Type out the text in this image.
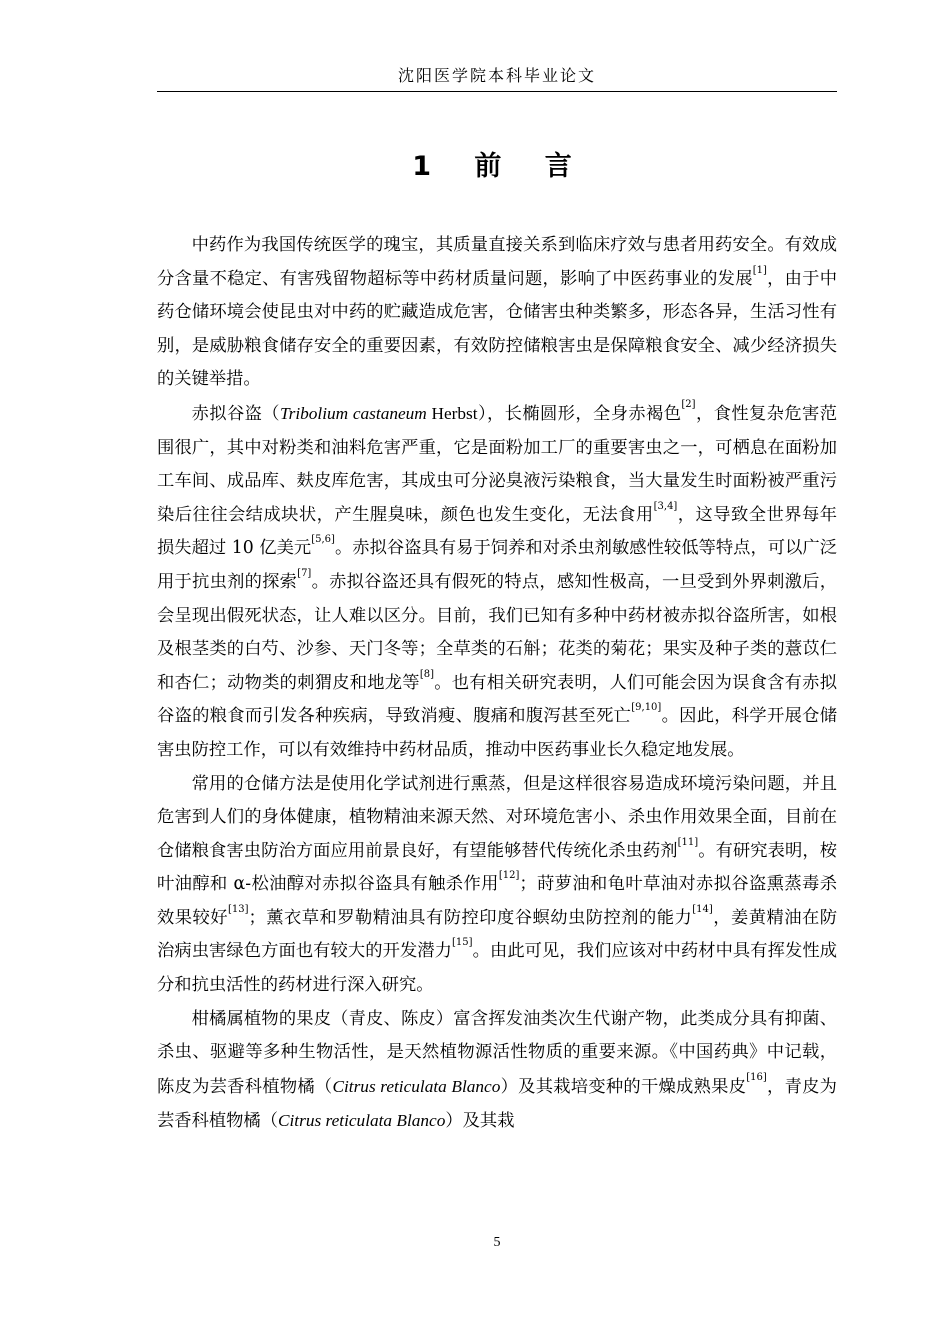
沈阳医学院本科毕业论文
1 前 言

中药作为我国传统医学的瑰宝，其质量直接关系到临床疗效与患者用药安全。有效成分含量不稳定、有害残留物超标等中药材质量问题，影响了中医药事业的发展[1]，由于中药仓储环境会使昆虫对中药的贮藏造成危害，仓储害虫种类繁多，形态各异，生活习性有别，是威胁粮食储存安全的重要因素，有效防控储粮害虫是保障粮食安全、减少经济损失的关键举措。

赤拟谷盗（Tribolium castaneum Herbst），长椭圆形，全身赤褐色[2]，食性复杂危害范围很广，其中对粉类和油料危害严重，它是面粉加工厂的重要害虫之一，可栖息在面粉加工车间、成品库、麸皮库危害，其成虫可分泌臭液污染粮食，当大量发生时面粉被严重污染后往往会结成块状，产生腥臭味，颜色也发生变化，无法食用[3,4]，这导致全世界每年损失超过 10 亿美元[5,6]。赤拟谷盗具有易于饲养和对杀虫剂敏感性较低等特点，可以广泛用于抗虫剂的探索[7]。赤拟谷盗还具有假死的特点，感知性极高，一旦受到外界刺激后，会呈现出假死状态，让人难以区分。目前，我们已知有多种中药材被赤拟谷盗所害，如根及根茎类的白芍、沙参、天门冬等；全草类的石斛；花类的菊花；果实及种子类的薏苡仁和杏仁；动物类的刺猬皮和地龙等[8]。也有相关研究表明，人们可能会因为误食含有赤拟谷盗的粮食而引发各种疾病，导致消瘦、腹痛和腹泻甚至死亡[9,10]。因此，科学开展仓储害虫防控工作，可以有效维持中药材品质，推动中医药事业长久稳定地发展。

常用的仓储方法是使用化学试剂进行熏蒸，但是这样很容易造成环境污染问题，并且危害到人们的身体健康，植物精油来源天然、对环境危害小、杀虫作用效果全面，目前在仓储粮食害虫防治方面应用前景良好，有望能够替代传统化杀虫药剂[11]。有研究表明，桉叶油醇和 α-松油醇对赤拟谷盗具有触杀作用[12]；莳萝油和龟叶草油对赤拟谷盗熏蒸毒杀效果较好[13]；薰衣草和罗勒精油具有防控印度谷螟幼虫防控剂的能力[14]，姜黄精油在防治病虫害绿色方面也有较大的开发潜力[15]。由此可见，我们应该对中药材中具有挥发性成分和抗虫活性的药材进行深入研究。

柑橘属植物的果皮（青皮、陈皮）富含挥发油类次生代谢产物，此类成分具有抑菌、杀虫、驱避等多种生物活性，是天然植物源活性物质的重要来源。《中国药典》中记载，陈皮为芸香科植物橘（Citrus reticulata Blanco）及其栽培变种的干燥成熟果皮[16]，青皮为芸香科植物橘（Citrus reticulata Blanco）及其栽

5
